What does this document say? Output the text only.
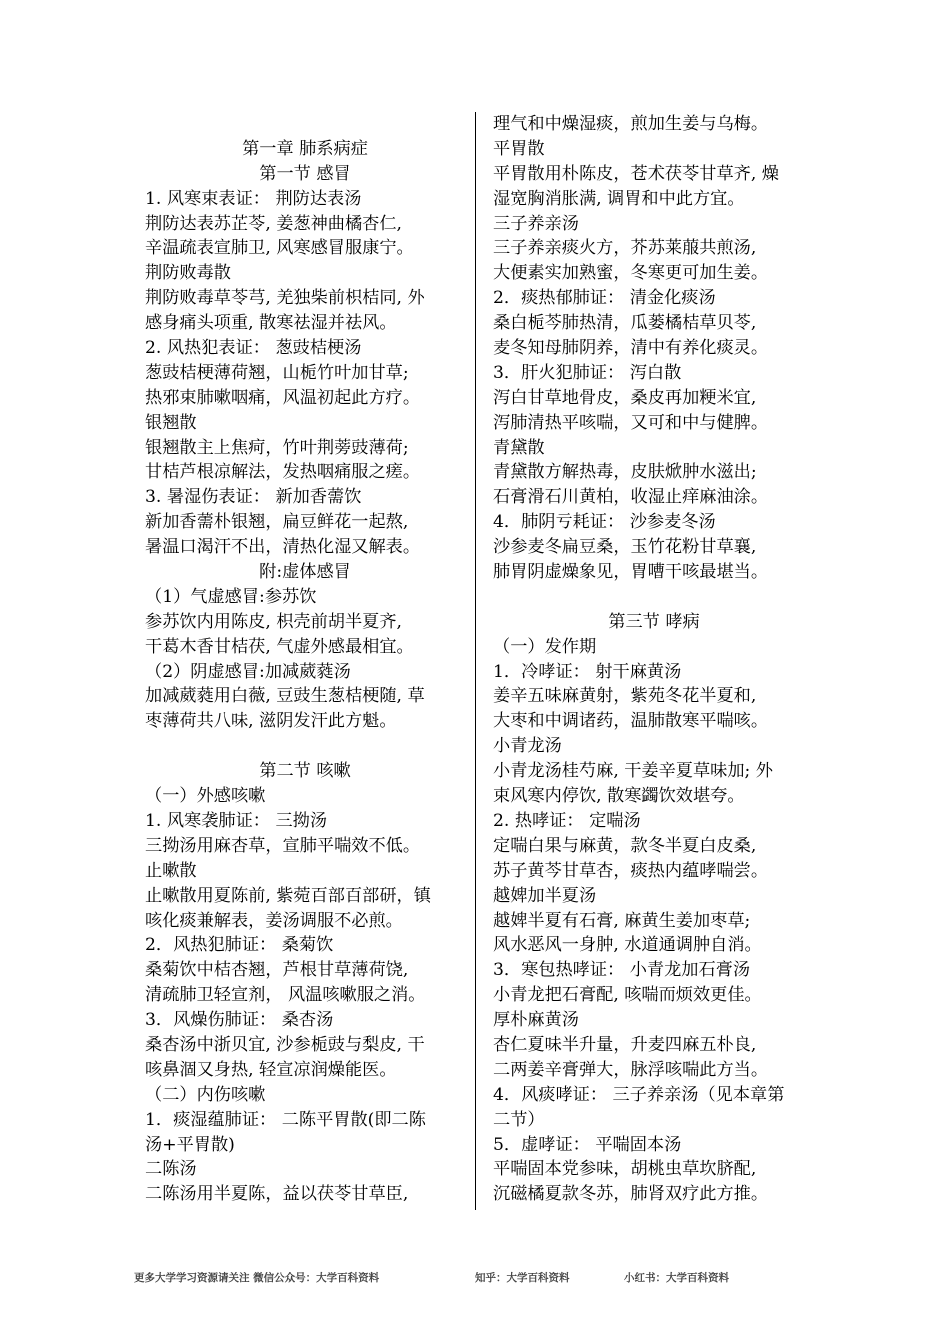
第一章 肺系病症
第一节 感冒
1. 风寒束表证： 荆防达表汤
荆防达表苏芷苓, 姜葱神曲橘杏仁,
辛温疏表宣肺卫, 风寒感冒服康宁。
荆防败毒散
荆防败毒草苓芎, 羌独柴前枳桔同, 外
感身痛头项重, 散寒祛湿并祛风。
2. 风热犯表证： 葱豉桔梗汤
葱豉桔梗薄荷翘，山栀竹叶加甘草;
热邪束肺嗽咽痛，风温初起此方疗。
银翘散
银翘散主上焦疴，竹叶荆蒡豉薄荷;
甘桔芦根凉解法，发热咽痛服之瘥。
3. 暑湿伤表证： 新加香薷饮
新加香薷朴银翘，扁豆鲜花一起熬,
暑温口渴汗不出，清热化湿又解表。
附:虚体感冒
（1）气虚感冒:参苏饮
参苏饮内用陈皮, 枳壳前胡半夏齐,
干葛木香甘桔茯, 气虚外感最相宜。
（2）阴虚感冒:加减葳蕤汤
加减葳蕤用白薇, 豆豉生葱桔梗随, 草
枣薄荷共八味, 滋阴发汗此方魁。
第二节 咳嗽
（一）外感咳嗽
1. 风寒袭肺证： 三拗汤
三拗汤用麻杏草，宣肺平喘效不低。
止嗽散
止嗽散用夏陈前, 紫菀百部百部研，镇
咳化痰兼解表，姜汤调服不必煎。
2．风热犯肺证： 桑菊饮
桑菊饮中桔杏翘，芦根甘草薄荷饶,
清疏肺卫轻宣剂， 风温咳嗽服之消。
3．风燥伤肺证： 桑杏汤
桑杏汤中浙贝宜, 沙参栀豉与梨皮, 干
咳鼻涸又身热, 轻宣凉润燥能医。
（二）内伤咳嗽
1．痰湿蕴肺证： 二陈平胃散(即二陈
汤+平胃散)
二陈汤
二陈汤用半夏陈，益以茯苓甘草臣,
理气和中燥湿痰，煎加生姜与乌梅。
平胃散
平胃散用朴陈皮，苍术茯苓甘草齐, 燥
湿宽胸消胀满, 调胃和中此方宜。
三子养亲汤
三子养亲痰火方，芥苏莱菔共煎汤,
大便素实加熟蜜，冬寒更可加生姜。
2．痰热郁肺证： 清金化痰汤
桑白栀芩肺热清，瓜蒌橘桔草贝苓,
麦冬知母肺阴养，清中有养化痰灵。
3．肝火犯肺证： 泻白散
泻白甘草地骨皮，桑皮再加粳米宜,
泻肺清热平咳喘，又可和中与健脾。
青黛散
青黛散方解热毒，皮肤焮肿水滋出;
石膏滑石川黄柏，收湿止痒麻油涂。
4．肺阴亏耗证： 沙参麦冬汤
沙参麦冬扁豆桑，玉竹花粉甘草襄,
肺胃阴虚燥象见，胃嘈干咳最堪当。
第三节 哮病
（一）发作期
1．冷哮证： 射干麻黄汤
姜辛五味麻黄射，紫苑冬花半夏和,
大枣和中调诸药，温肺散寒平喘咳。
小青龙汤
小青龙汤桂芍麻, 干姜辛夏草味加; 外
束风寒内停饮, 散寒蠲饮效堪夸。
2. 热哮证： 定喘汤
定喘白果与麻黄，款冬半夏白皮桑,
苏子黄芩甘草杏，痰热内蕴哮喘尝。
越婢加半夏汤
越婢半夏有石膏, 麻黄生姜加枣草;
风水恶风一身肿, 水道通调肿自消。
3．寒包热哮证： 小青龙加石膏汤
小青龙把石膏配, 咳喘而烦效更佳。
厚朴麻黄汤
杏仁夏味半升量，升麦四麻五朴良,
二两姜辛膏弹大，脉浮咳喘此方当。
4．风痰哮证： 三子养亲汤（见本章第
二节）
5．虚哮证： 平喘固本汤
平喘固本党参味，胡桃虫草坎脐配,
沉磁橘夏款冬苏，肺肾双疗此方推。
更多大学学习资源请关注 微信公众号：大学百科资料	知乎：大学百科资料	小红书：大学百科资料
